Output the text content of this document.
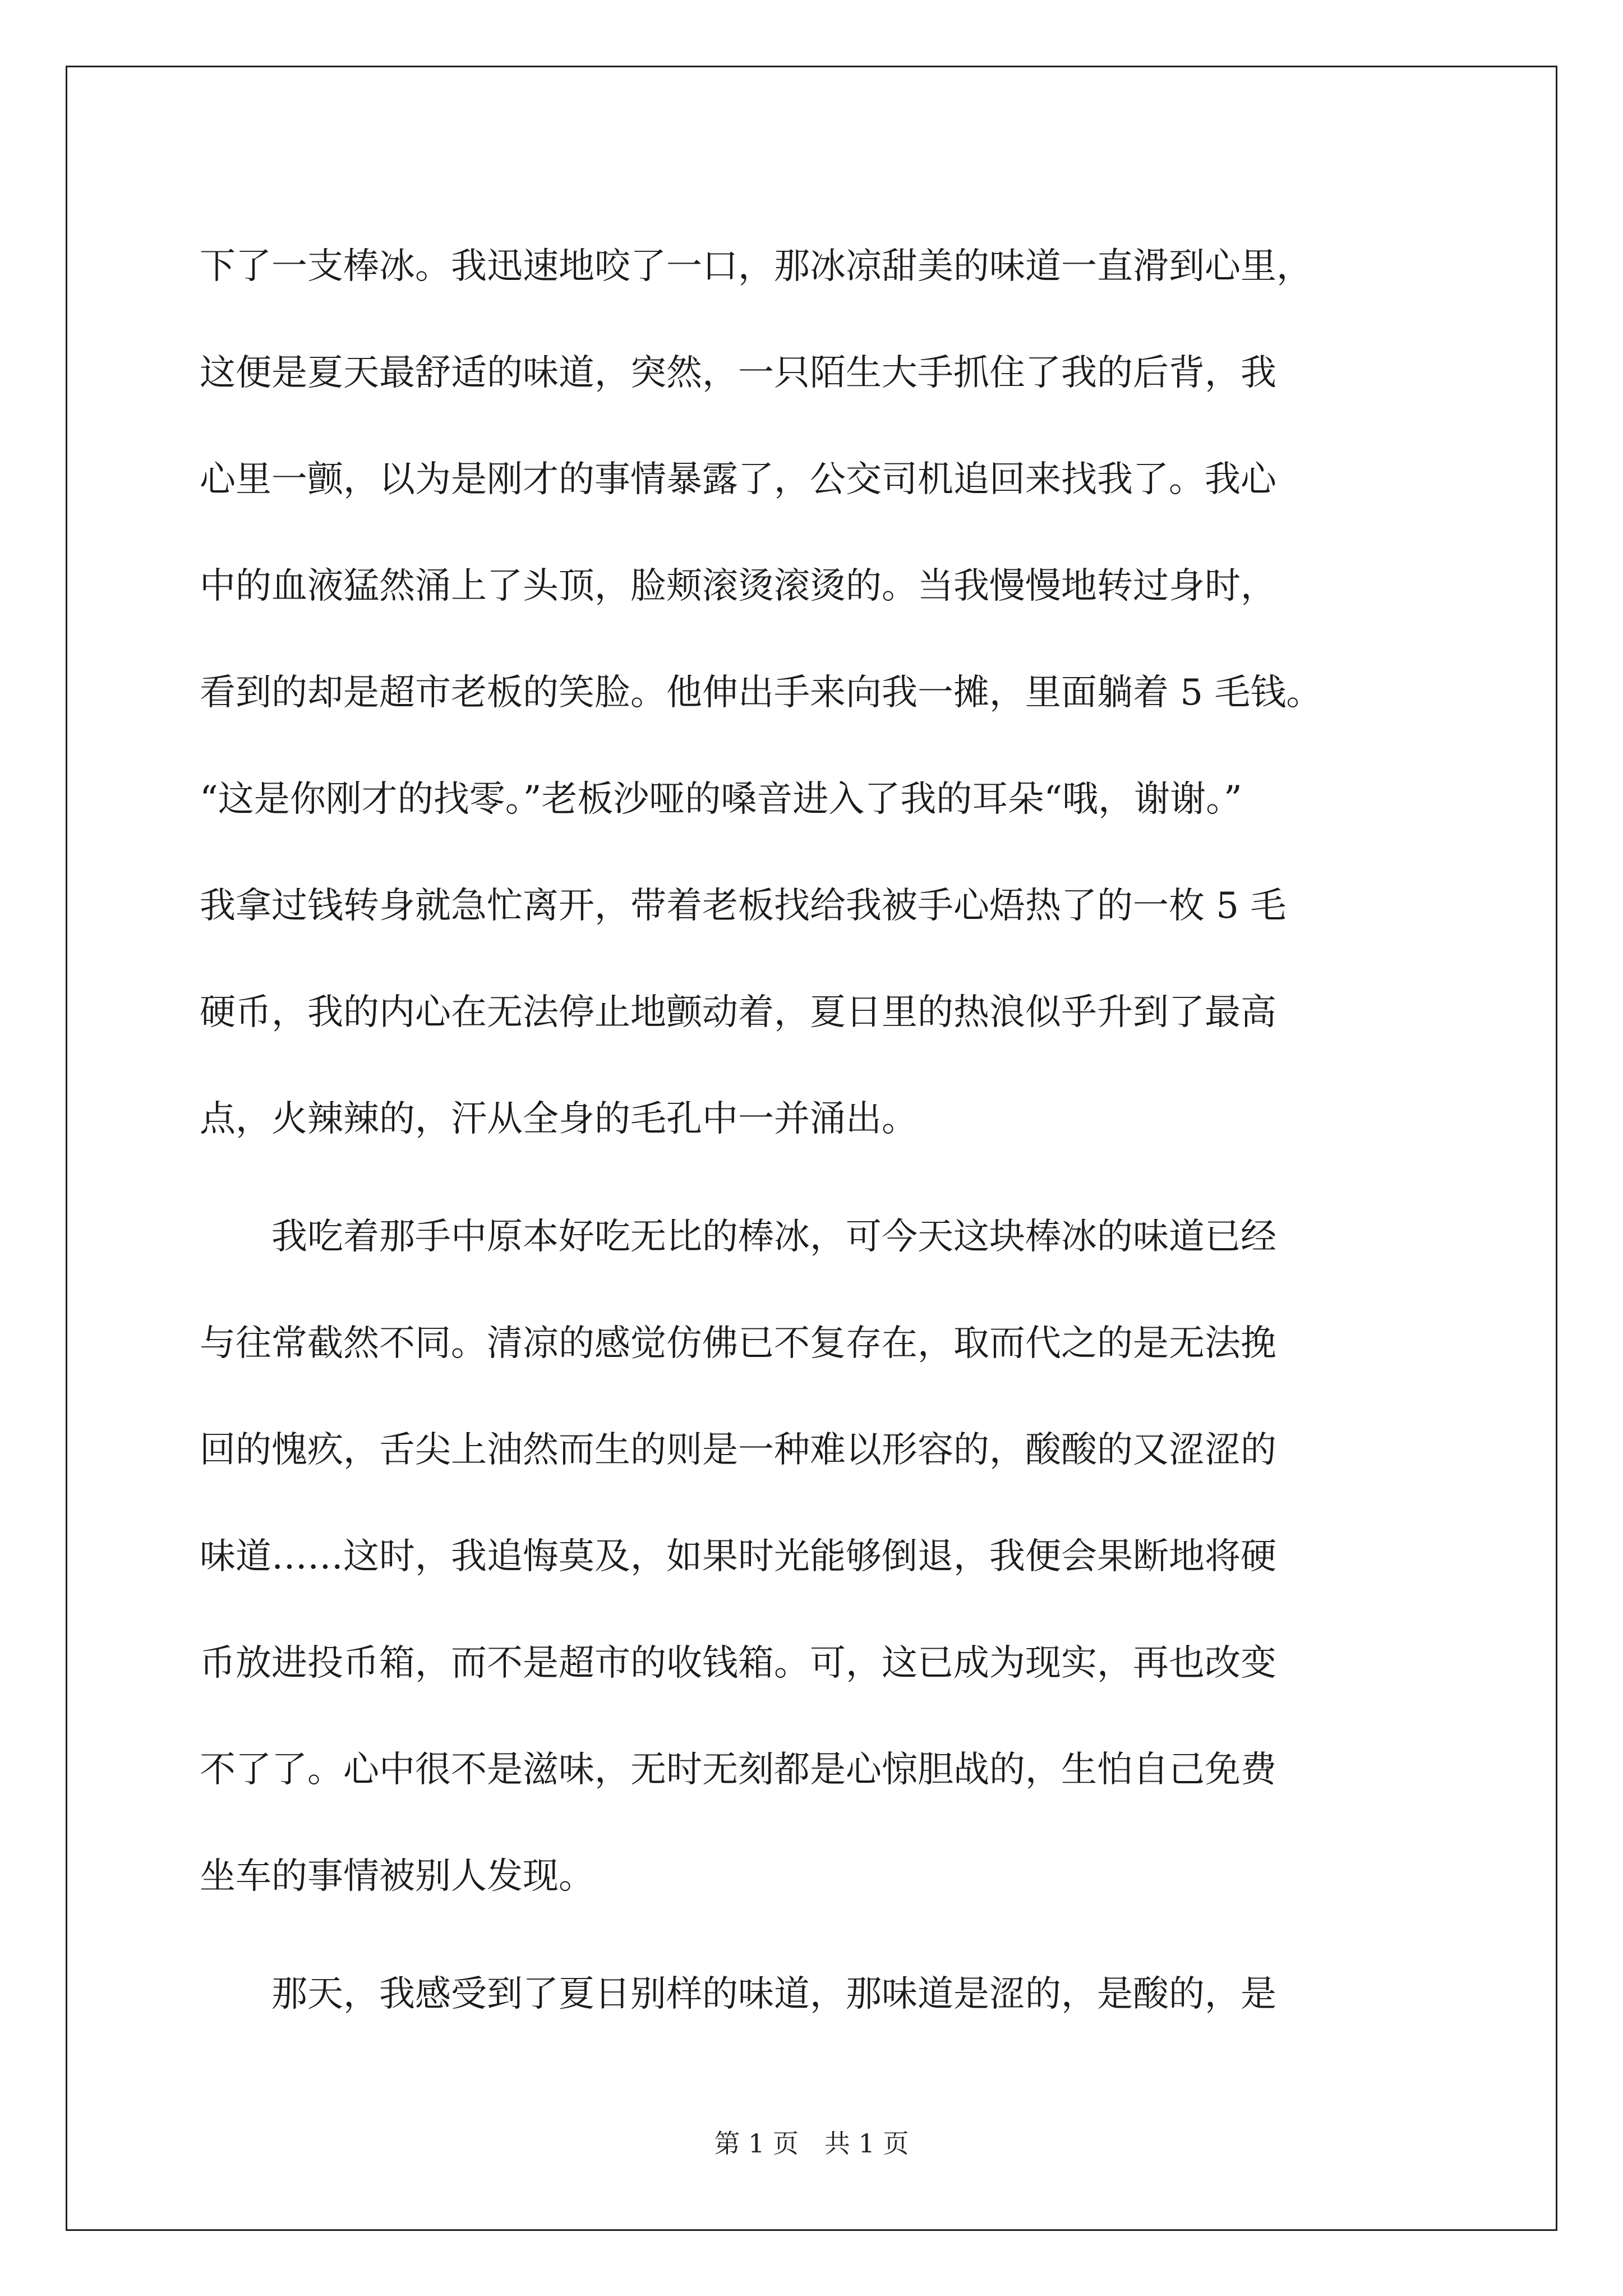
下了一支棒冰。我迅速地咬了一口，那冰凉甜美的味道一直滑到心里，
这便是夏天最舒适的味道，突然，一只陌生大手抓住了我的后背，我
心里一颤，以为是刚才的事情暴露了，公交司机追回来找我了。我心
中的血液猛然涌上了头顶，脸颊滚烫滚烫的。当我慢慢地转过身时，
看到的却是超市老板的笑脸。他伸出手来向我一摊，里面躺着 5 毛钱。
“这是你刚才的找零。”老板沙哑的嗓音进入了我的耳朵“哦，谢谢。”
我拿过钱转身就急忙离开，带着老板找给我被手心焐热了的一枚 5 毛
硬币，我的内心在无法停止地颤动着，夏日里的热浪似乎升到了最高
点，火辣辣的，汗从全身的毛孔中一并涌出。
　　我吃着那手中原本好吃无比的棒冰，可今天这块棒冰的味道已经
与往常截然不同。清凉的感觉仿佛已不复存在，取而代之的是无法挽
回的愧疚，舌尖上油然而生的则是一种难以形容的，酸酸的又涩涩的
味道……这时，我追悔莫及，如果时光能够倒退，我便会果断地将硬
币放进投币箱，而不是超市的收钱箱。可，这已成为现实，再也改变
不了了。心中很不是滋味，无时无刻都是心惊胆战的，生怕自己免费
坐车的事情被别人发现。
　　那天，我感受到了夏日别样的味道，那味道是涩的，是酸的，是
第 1 页　共 1 页
